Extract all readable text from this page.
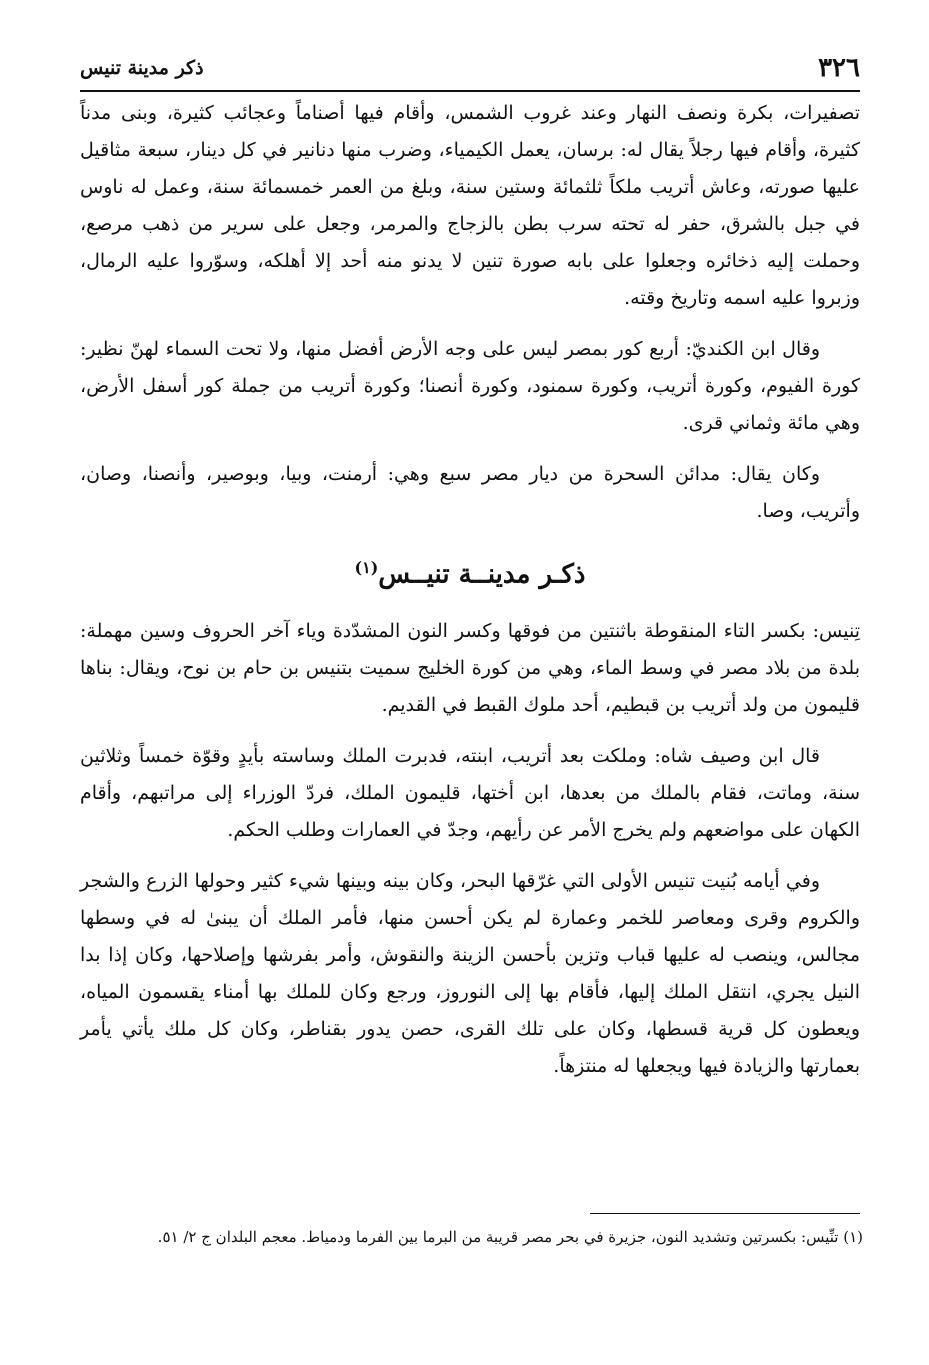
٣٢٦
ذكر مدينة تنيس

تصفيرات، بكرة ونصف النهار وعند غروب الشمس، وأقام فيها أصناماً وعجائب كثيرة، وبنى مدناً كثيرة، وأقام فيها رجلاً يقال له: برسان، يعمل الكيمياء، وضرب منها دنانير في كل دينار، سبعة مثاقيل عليها صورته، وعاش أتريب ملكاً ثلثمائة وستين سنة، وبلغ من العمر خمسمائة سنة، وعمل له ناوس في جبل بالشرق، حفر له تحته سرب بطن بالزجاج والمرمر، وجعل على سرير من ذهب مرصع، وحملت إليه ذخائره وجعلوا على بابه صورة تنين لا يدنو منه أحد إلا أهلكه، وسوّروا عليه الرمال، وزبروا عليه اسمه وتاريخ وقته.

وقال ابن الكنديّ: أربع كور بمصر ليس على وجه الأرض أفضل منها، ولا تحت السماء لهنّ نظير: كورة الفيوم، وكورة أتريب، وكورة سمنود، وكورة أنصنا؛ وكورة أتريب من جملة كور أسفل الأرض، وهي مائة وثماني قرى.

وكان يقال: مدائن السحرة من ديار مصر سبع وهي: أرمنت، وبيا، وبوصير، وأنصنا، وصان، وأتريب، وصا.

ذكـر مدينــة تنيــس$^{(١)}$

تِنيس: بكسر التاء المنقوطة باثنتين من فوقها وكسر النون المشدّدة وياء آخر الحروف وسين مهملة: بلدة من بلاد مصر في وسط الماء، وهي من كورة الخليج سميت بتنيس بن حام بن نوح، ويقال: بناها قليمون من ولد أتريب بن قبطيم، أحد ملوك القبط في القديم.

قال ابن وصيف شاه: وملكت بعد أتريب، ابنته، فدبرت الملك وساسته بأيدٍ وقوّة خمساً وثلاثين سنة، وماتت، فقام بالملك من بعدها، ابن أختها، قليمون الملك، فردّ الوزراء إلى مراتبهم، وأقام الكهان على مواضعهم ولم يخرج الأمر عن رأيهم، وجدّ في العمارات وطلب الحكم.

وفي أيامه بُنيت تنيس الأولى التي غرّقها البحر، وكان بينه وبينها شيء كثير وحولها الزرع والشجر والكروم وقرى ومعاصر للخمر وعمارة لم يكن أحسن منها، فأمر الملك أن يبنىٰ له في وسطها مجالس، وينصب له عليها قباب وتزين بأحسن الزينة والنقوش، وأمر بفرشها وإصلاحها، وكان إذا بدا النيل يجري، انتقل الملك إليها، فأقام بها إلى النوروز، ورجع وكان للملك بها أمناء يقسمون المياه، ويعطون كل قرية قسطها، وكان على تلك القرى، حصن يدور بقناطر، وكان كل ملك يأتي يأمر بعمارتها والزيادة فيها ويجعلها له منتزهاً.

(١) تنِّيس: بكسرتين وتشديد النون، جزيرة في بحر مصر قريبة من البرما بين الفرما ودمياط. معجم البلدان ج ٢/ ٥١.
